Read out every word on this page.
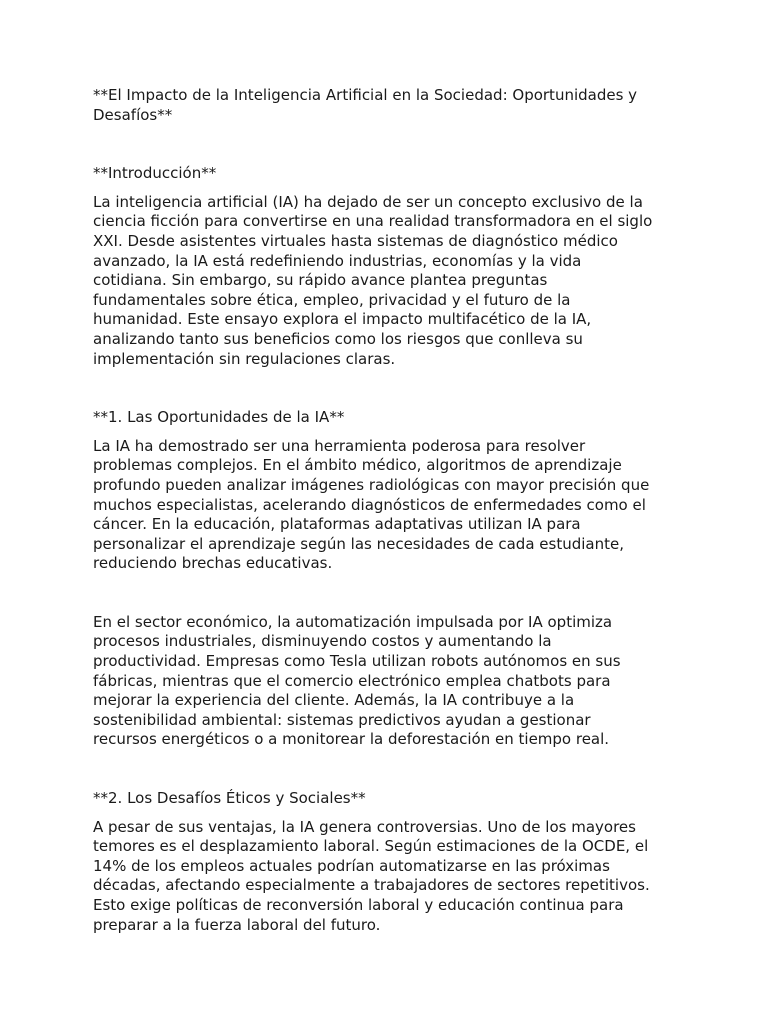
**El Impacto de la Inteligencia Artificial en la Sociedad: Oportunidades y
Desafíos**

**Introducción**

La inteligencia artificial (IA) ha dejado de ser un concepto exclusivo de la
ciencia ficción para convertirse en una realidad transformadora en el siglo
XXI. Desde asistentes virtuales hasta sistemas de diagnóstico médico
avanzado, la IA está redefiniendo industrias, economías y la vida
cotidiana. Sin embargo, su rápido avance plantea preguntas
fundamentales sobre ética, empleo, privacidad y el futuro de la
humanidad. Este ensayo explora el impacto multifacético de la IA,
analizando tanto sus beneficios como los riesgos que conlleva su
implementación sin regulaciones claras.

**1. Las Oportunidades de la IA**

La IA ha demostrado ser una herramienta poderosa para resolver
problemas complejos. En el ámbito médico, algoritmos de aprendizaje
profundo pueden analizar imágenes radiológicas con mayor precisión que
muchos especialistas, acelerando diagnósticos de enfermedades como el
cáncer. En la educación, plataformas adaptativas utilizan IA para
personalizar el aprendizaje según las necesidades de cada estudiante,
reduciendo brechas educativas.

En el sector económico, la automatización impulsada por IA optimiza
procesos industriales, disminuyendo costos y aumentando la
productividad. Empresas como Tesla utilizan robots autónomos en sus
fábricas, mientras que el comercio electrónico emplea chatbots para
mejorar la experiencia del cliente. Además, la IA contribuye a la
sostenibilidad ambiental: sistemas predictivos ayudan a gestionar
recursos energéticos o a monitorear la deforestación en tiempo real.

**2. Los Desafíos Éticos y Sociales**

A pesar de sus ventajas, la IA genera controversias. Uno de los mayores
temores es el desplazamiento laboral. Según estimaciones de la OCDE, el
14% de los empleos actuales podrían automatizarse en las próximas
décadas, afectando especialmente a trabajadores de sectores repetitivos.
Esto exige políticas de reconversión laboral y educación continua para
preparar a la fuerza laboral del futuro.
